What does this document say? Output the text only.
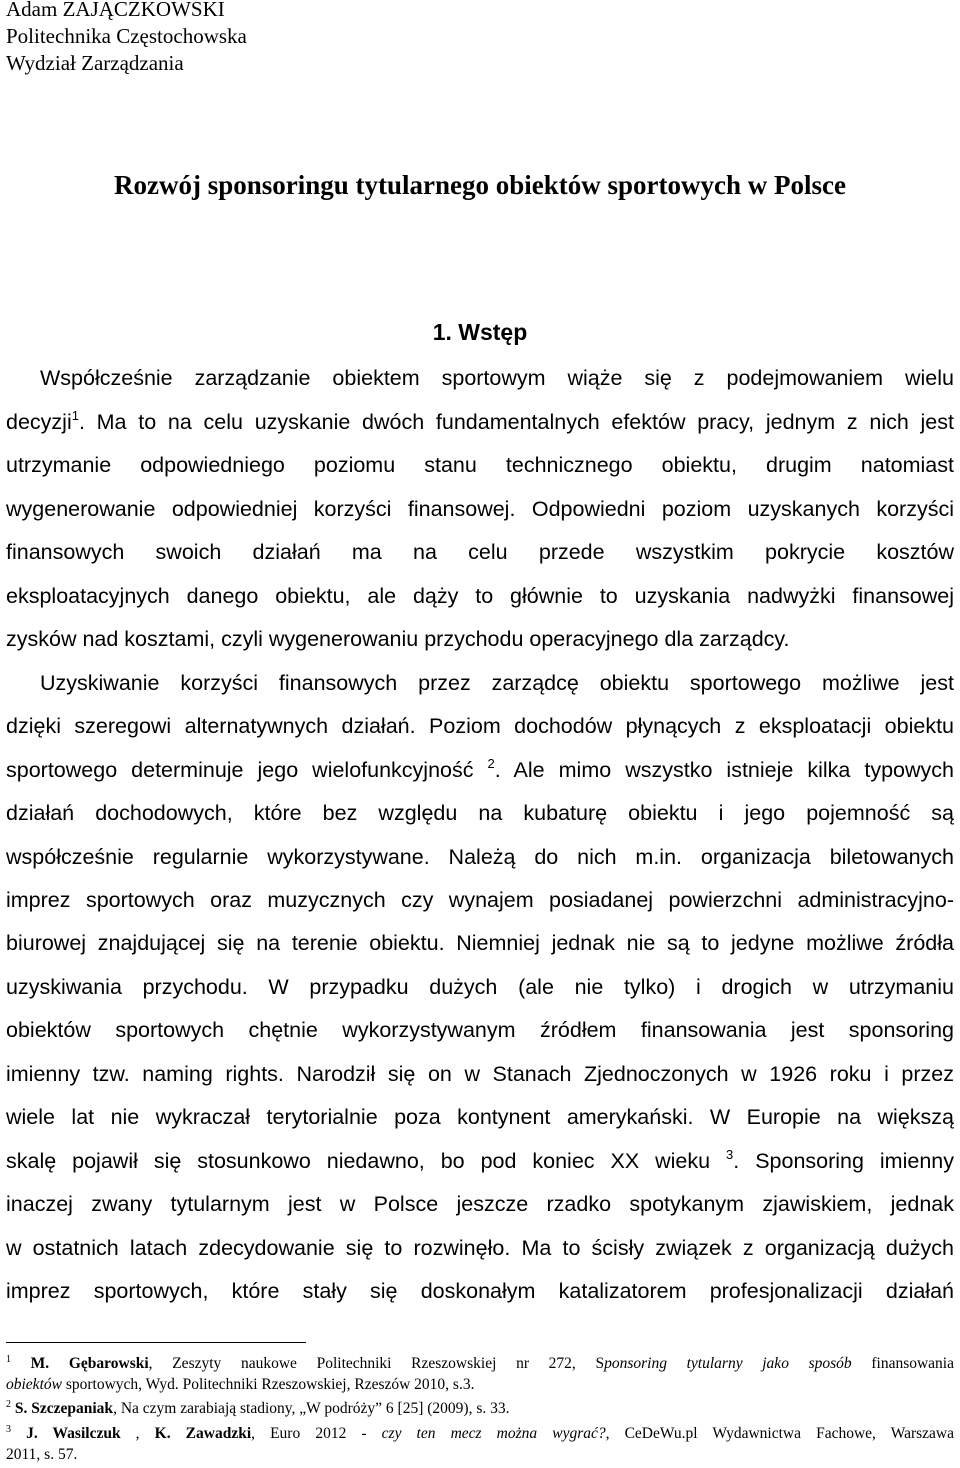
Adam ZAJĄCZKOWSKI
Politechnika Częstochowska
Wydział Zarządzania
Rozwój sponsoringu tytularnego obiektów sportowych w Polsce
1. Wstęp
Współcześnie zarządzanie obiektem sportowym wiąże się z podejmowaniem wielu
decyzji$^1$. Ma to na celu uzyskanie dwóch fundamentalnych efektów pracy, jednym z nich jest
utrzymanie odpowiedniego poziomu stanu technicznego obiektu, drugim natomiast
wygenerowanie odpowiedniej korzyści finansowej. Odpowiedni poziom uzyskanych korzyści
finansowych swoich działań ma na celu przede wszystkim pokrycie kosztów
eksploatacyjnych danego obiektu, ale dąży to głównie to uzyskania nadwyżki finansowej
zysków nad kosztami, czyli wygenerowaniu przychodu operacyjnego dla zarządcy.
Uzyskiwanie korzyści finansowych przez zarządcę obiektu sportowego możliwe jest
dzięki szeregowi alternatywnych działań. Poziom dochodów płynących z eksploatacji obiektu
sportowego determinuje jego wielofunkcyjność $^2$. Ale mimo wszystko istnieje kilka typowych
działań dochodowych, które bez względu na kubaturę obiektu i jego pojemność są
współcześnie regularnie wykorzystywane. Należą do nich m.in. organizacja biletowanych
imprez sportowych oraz muzycznych czy wynajem posiadanej powierzchni administracyjno-
biurowej znajdującej się na terenie obiektu. Niemniej jednak nie są to jedyne możliwe źródła
uzyskiwania przychodu. W przypadku dużych (ale nie tylko) i drogich w utrzymaniu
obiektów sportowych chętnie wykorzystywanym źródłem finansowania jest sponsoring
imienny tzw. naming rights. Narodził się on w Stanach Zjednoczonych w 1926 roku i przez
wiele lat nie wykraczał terytorialnie poza kontynent amerykański. W Europie na większą
skalę pojawił się stosunkowo niedawno, bo pod koniec XX wieku $^3$. Sponsoring imienny
inaczej zwany tytularnym jest w Polsce jeszcze rzadko spotykanym zjawiskiem, jednak
w ostatnich latach zdecydowanie się to rozwinęło. Ma to ścisły związek z organizacją dużych
imprez sportowych, które stały się doskonałym katalizatorem profesjonalizacji działań
$^1$ M. Gębarowski, Zeszyty naukowe Politechniki Rzeszowskiej nr 272, Sponsoring tytularny jako sposób finansowania
obiektów sportowych, Wyd. Politechniki Rzeszowskiej, Rzeszów 2010, s.3.
$^2$ S. Szczepaniak, Na czym zarabiają stadiony, „W podróży” 6 [25] (2009), s. 33.
$^3$ J. Wasilczuk , K. Zawadzki, Euro 2012 - czy ten mecz można wygrać?, CeDeWu.pl Wydawnictwa Fachowe, Warszawa
2011, s. 57.
